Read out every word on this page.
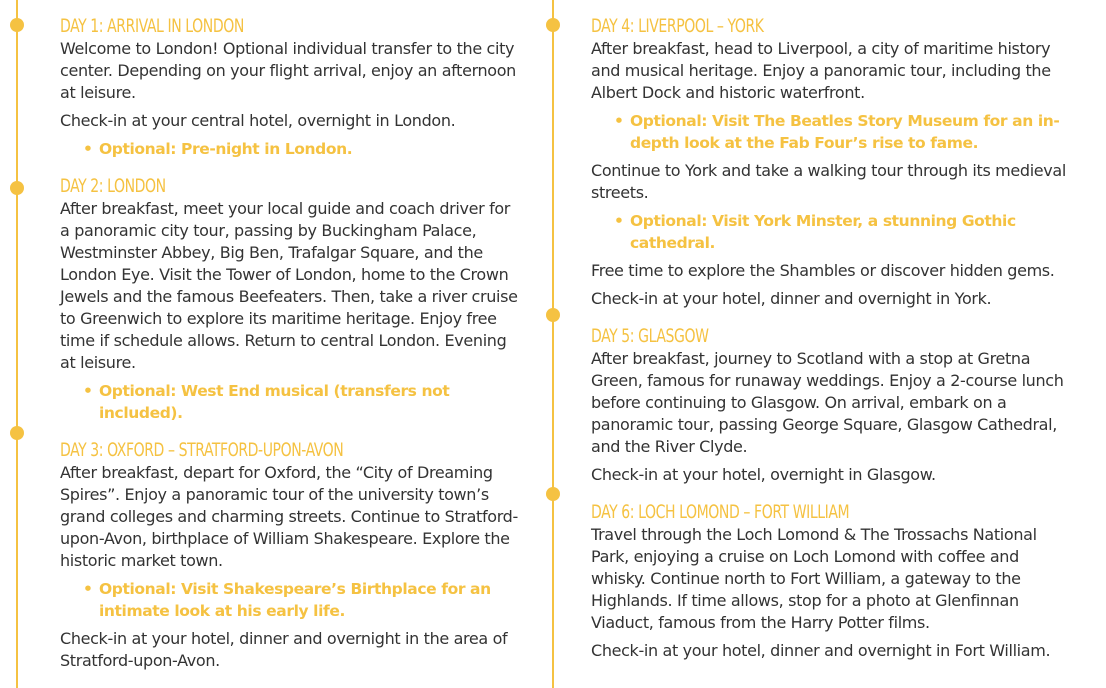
DAY 1: ARRIVAL IN LONDON

Welcome to London! Optional individual transfer to the city center. Depending on your flight arrival, enjoy an afternoon at leisure.

Check-in at your central hotel, overnight in London.

• Optional: Pre-night in London.
DAY 2: LONDON

After breakfast, meet your local guide and coach driver for a panoramic city tour, passing by Buckingham Palace, Westminster Abbey, Big Ben, Trafalgar Square, and the London Eye. Visit the Tower of London, home to the Crown Jewels and the famous Beefeaters. Then, take a river cruise to Greenwich to explore its maritime heritage. Enjoy free time if schedule allows. Return to central London. Evening at leisure.

• Optional: West End musical (transfers not included).
DAY 3: OXFORD – STRATFORD-UPON-AVON

After breakfast, depart for Oxford, the “City of Dreaming Spires”. Enjoy a panoramic tour of the university town’s grand colleges and charming streets. Continue to Stratford-upon-Avon, birthplace of William Shakespeare. Explore the historic market town.

• Optional: Visit Shakespeare’s Birthplace for an intimate look at his early life.

Check-in at your hotel, dinner and overnight in the area of Stratford-upon-Avon.

DAY 4: LIVERPOOL – YORK

After breakfast, head to Liverpool, a city of maritime history and musical heritage. Enjoy a panoramic tour, including the Albert Dock and historic waterfront.

• Optional: Visit The Beatles Story Museum for an in-depth look at the Fab Four’s rise to fame.

Continue to York and take a walking tour through its medieval streets.

• Optional: Visit York Minster, a stunning Gothic cathedral.

Free time to explore the Shambles or discover hidden gems.

Check-in at your hotel, dinner and overnight in York.

DAY 5: GLASGOW

After breakfast, journey to Scotland with a stop at Gretna Green, famous for runaway weddings. Enjoy a 2-course lunch before continuing to Glasgow. On arrival, embark on a panoramic tour, passing George Square, Glasgow Cathedral, and the River Clyde.

Check-in at your hotel, overnight in Glasgow.

DAY 6: LOCH LOMOND – FORT WILLIAM

Travel through the Loch Lomond & The Trossachs National Park, enjoying a cruise on Loch Lomond with coffee and whisky. Continue north to Fort William, a gateway to the Highlands. If time allows, stop for a photo at Glenfinnan Viaduct, famous from the Harry Potter films.

Check-in at your hotel, dinner and overnight in Fort William.
